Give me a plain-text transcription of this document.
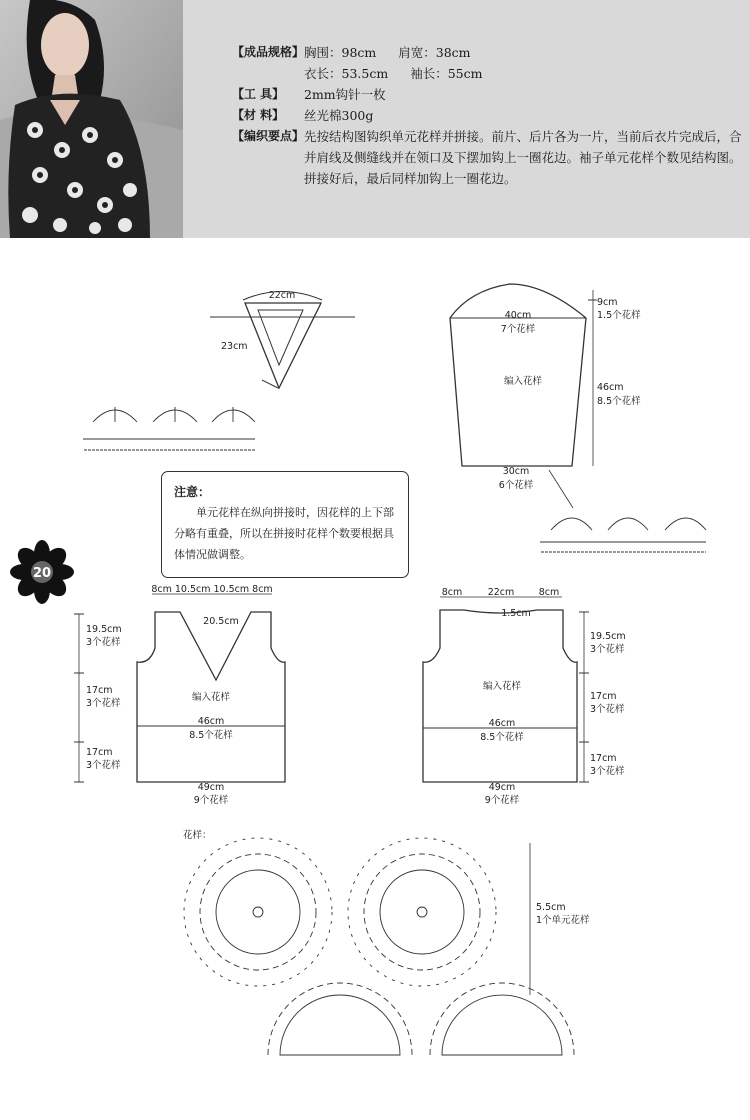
【成品规格】 胸围：98cm 肩宽：38cm
衣长：53.5cm 袖长：55cm
【工 具】	2mm钩针一枚
【材 料】	丝光棉300g
【编织要点】 先按结构图钩织单元花样并拼接。前片、后片各为一片，当前后衣片完成后，合并肩线及侧缝线并在领口及下摆加钩上一圈花边。袖子单元花样个数见结构图。拼接好后，最后同样加钩上一圈花边。
20
22cm
23cm
9cm
1.5个花样
40cm
7个花样
编入花样
46cm
8.5个花样
30cm
6个花样
8cm 10.5cm 10.5cm 8cm
20.5cm
19.5cm
3个花样
17cm
3个花样
17cm
3个花样
编入花样
46cm
8.5个花样
49cm
9个花样
8cm	22cm	8cm
1.5cm
19.5cm
3个花样
17cm
3个花样
17cm
3个花样
编入花样
46cm
8.5个花样
49cm
9个花样
花样：
5.5cm
1个单元花样
注意：
单元花样在纵向拼接时，因花样的上下部分略有重叠，所以在拼接时花样个数要根据具体情况做调整。
